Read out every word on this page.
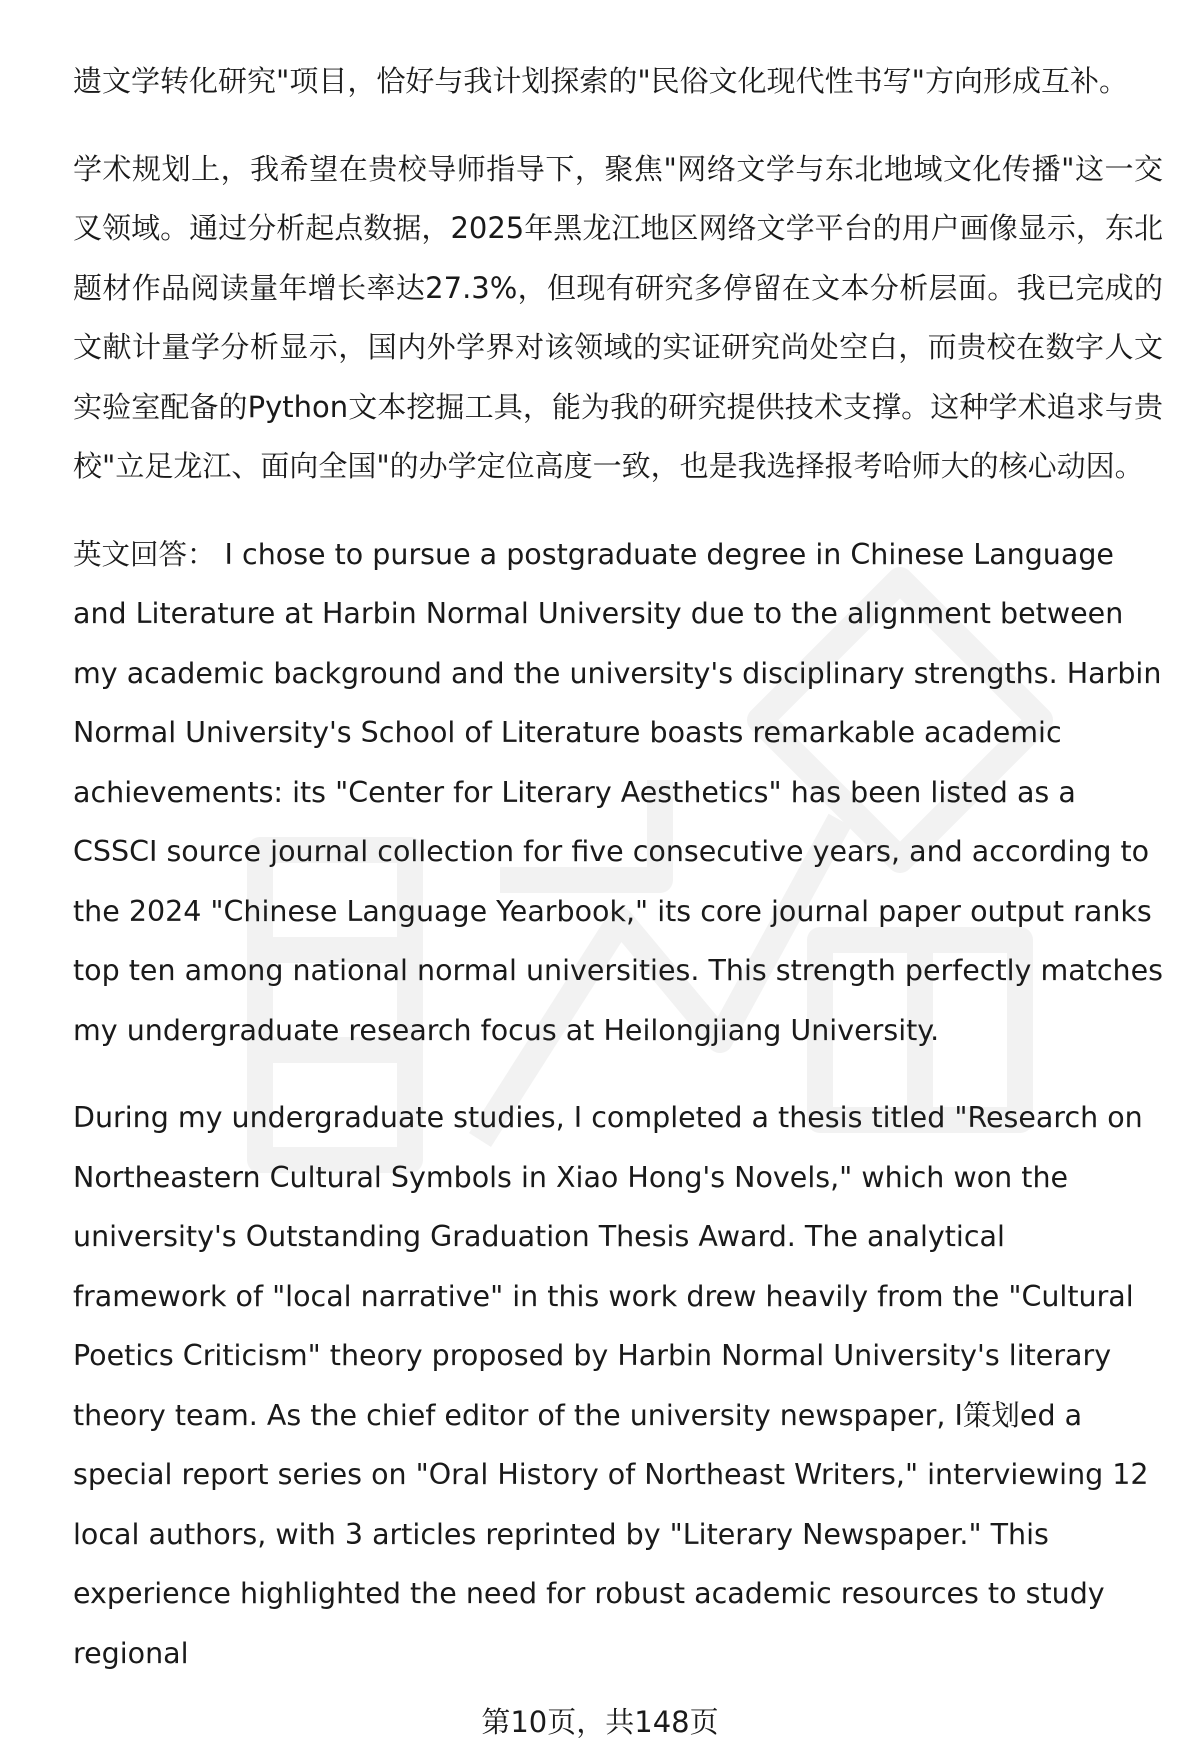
遗文学转化研究"项目，恰好与我计划探索的"民俗文化现代性书写"方向形成互补。

学术规划上，我希望在贵校导师指导下，聚焦"网络文学与东北地域文化传播"这一交叉领域。通过分析起点数据，2025年黑龙江地区网络文学平台的用户画像显示，东北题材作品阅读量年增长率达27.3%，但现有研究多停留在文本分析层面。我已完成的文献计量学分析显示，国内外学界对该领域的实证研究尚处空白，而贵校在数字人文实验室配备的Python文本挖掘工具，能为我的研究提供技术支撑。这种学术追求与贵校"立足龙江、面向全国"的办学定位高度一致，也是我选择报考哈师大的核心动因。

英文回答： I chose to pursue a postgraduate degree in Chinese Language and Literature at Harbin Normal University due to the alignment between my academic background and the university's disciplinary strengths. Harbin Normal University's School of Literature boasts remarkable academic achievements: its "Center for Literary Aesthetics" has been listed as a CSSCI source journal collection for five consecutive years, and according to the 2024 "Chinese Language Yearbook," its core journal paper output ranks top ten among national normal universities. This strength perfectly matches my undergraduate research focus at Heilongjiang University.

During my undergraduate studies, I completed a thesis titled "Research on Northeastern Cultural Symbols in Xiao Hong's Novels," which won the university's Outstanding Graduation Thesis Award. The analytical framework of "local narrative" in this work drew heavily from the "Cultural Poetics Criticism" theory proposed by Harbin Normal University's literary theory team. As the chief editor of the university newspaper, I策划ed a special report series on "Oral History of Northeast Writers," interviewing 12 local authors, with 3 articles reprinted by "Literary Newspaper." This experience highlighted the need for robust academic resources to study regional

第10页，共148页
